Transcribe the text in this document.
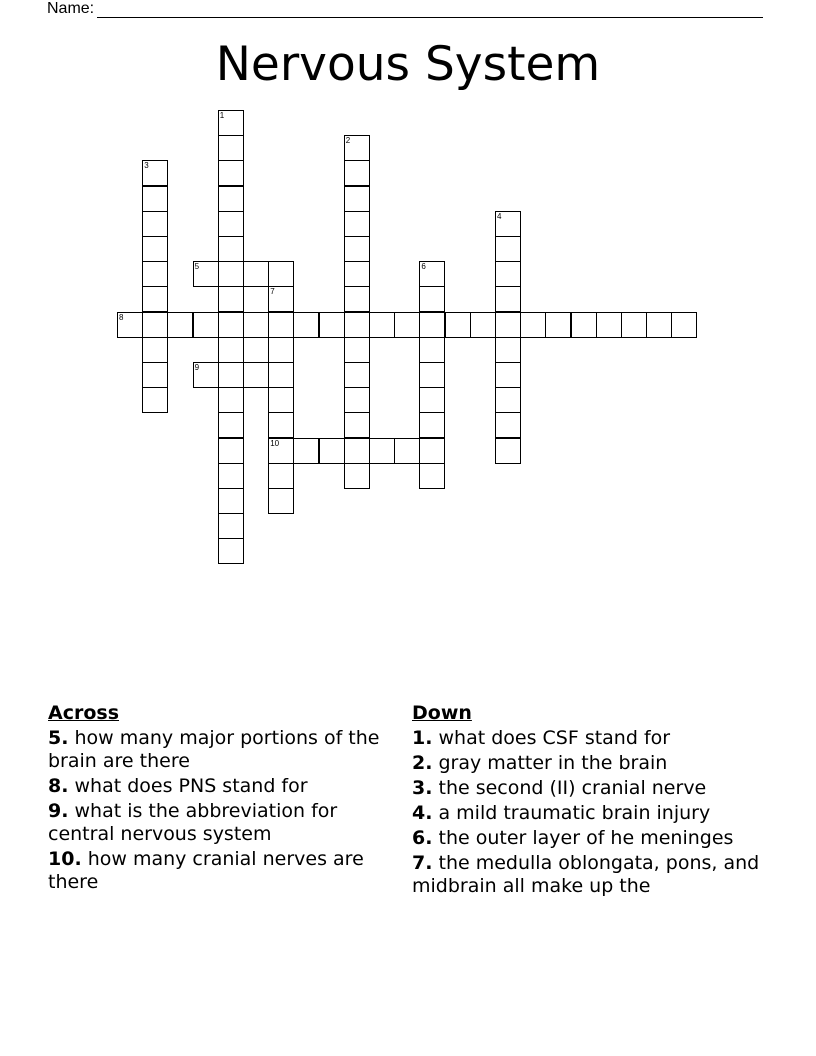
Name:
Nervous System
1
2
3
4
5	6
7
10
8
9
Across
5. how many major portions of the brain are there
8. what does PNS stand for
9. what is the abbreviation for central nervous system
10. how many cranial nerves are there
Down
1. what does CSF stand for
2. gray matter in the brain
3. the second (II) cranial nerve
4. a mild traumatic brain injury
6. the outer layer of he meninges
7. the medulla oblongata, pons, and midbrain all make up the
